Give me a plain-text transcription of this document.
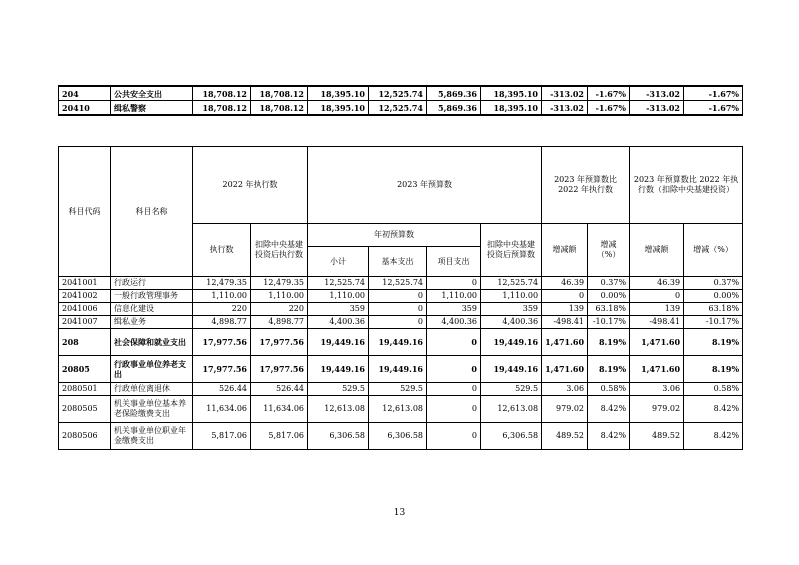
204	公共安全支出	18,708.12	18,708.12	18,395.10	12,525.74	5,869.36	18,395.10	-313.02	-1.67%	-313.02	-1.67%
20410	缉私警察	18,708.12	18,708.12	18,395.10	12,525.74	5,869.36	18,395.10	-313.02	-1.67%	-313.02	-1.67%
科目代码	科目名称	2022 年执行数		2023 年预算数				2023 年预算数比 2022 年执行数		2023 年预算数比 2022 年执行数（扣除中央基建投资）	
		执行数	扣除中央基建投资后执行数	年初预算数			扣除中央基建投资后预算数	增减额	增减（%）	增减额	增减（%）
				小计	基本支出	项目支出					
2041001	行政运行	12,479.35	12,479.35	12,525.74	12,525.74	0	12,525.74	46.39	0.37%	46.39	0.37%
2041002	一般行政管理事务	1,110.00	1,110.00	1,110.00	0	1,110.00	1,110.00	0	0.00%	0	0.00%
2041006	信息化建设	220	220	359	0	359	359	139	63.18%	139	63.18%
2041007	缉私业务	4,898.77	4,898.77	4,400.36	0	4,400.36	4,400.36	-498.41	-10.17%	-498.41	-10.17%
208	社会保障和就业支出	17,977.56	17,977.56	19,449.16	19,449.16	0	19,449.16	1,471.60	8.19%	1,471.60	8.19%
20805	行政事业单位养老支出	17,977.56	17,977.56	19,449.16	19,449.16	0	19,449.16	1,471.60	8.19%	1,471.60	8.19%
2080501	行政单位离退休	526.44	526.44	529.5	529.5	0	529.5	3.06	0.58%	3.06	0.58%
2080505	机关事业单位基本养老保险缴费支出	11,634.06	11,634.06	12,613.08	12,613.08	0	12,613.08	979.02	8.42%	979.02	8.42%
2080506	机关事业单位职业年金缴费支出	5,817.06	5,817.06	6,306.58	6,306.58	0	6,306.58	489.52	8.42%	489.52	8.42%
13
